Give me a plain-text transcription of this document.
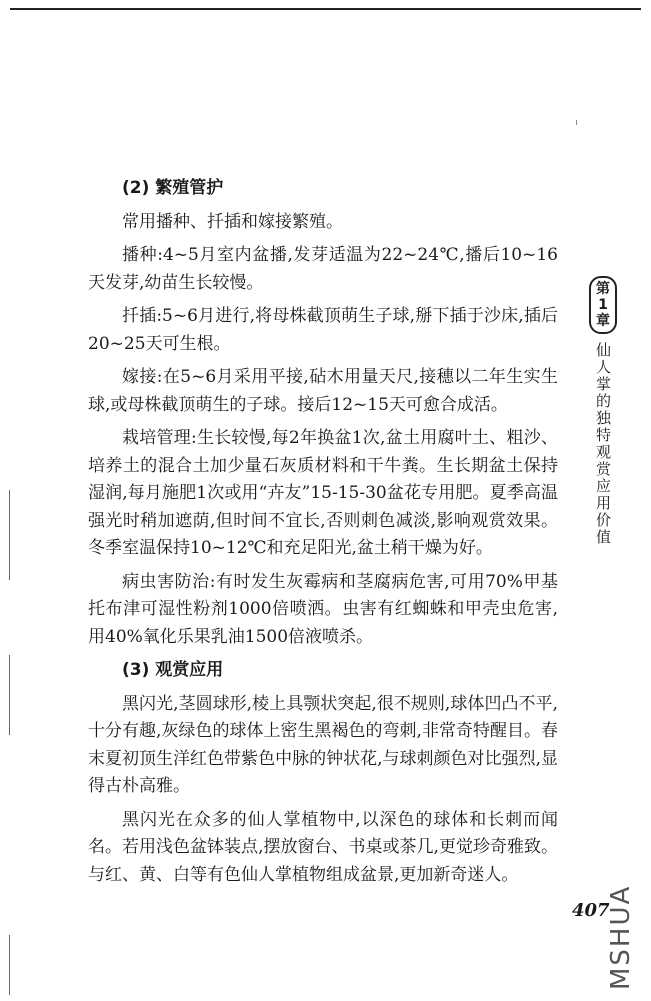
(2) 繁殖管护

常用播种、扦插和嫁接繁殖。

播种:4~5月室内盆播,发芽适温为22~24℃,播后10~16天发芽,幼苗生长较慢。

扦插:5~6月进行,将母株截顶萌生子球,掰下插于沙床,插后20~25天可生根。

嫁接:在5~6月采用平接,砧木用量天尺,接穗以二年生实生球,或母株截顶萌生的子球。接后12~15天可愈合成活。

栽培管理:生长较慢,每2年换盆1次,盆土用腐叶土、粗沙、培养土的混合土加少量石灰质材料和干牛粪。生长期盆土保持湿润,每月施肥1次或用“卉友”15-15-30盆花专用肥。夏季高温强光时稍加遮荫,但时间不宜长,否则刺色减淡,影响观赏效果。冬季室温保持10~12℃和充足阳光,盆土稍干燥为好。

病虫害防治:有时发生灰霉病和茎腐病危害,可用70%甲基托布津可湿性粉剂1000倍喷洒。虫害有红蜘蛛和甲壳虫危害,用40%氧化乐果乳油1500倍液喷杀。

(3) 观赏应用

黑闪光,茎圆球形,棱上具颚状突起,很不规则,球体凹凸不平,十分有趣,灰绿色的球体上密生黑褐色的弯刺,非常奇特醒目。春末夏初顶生洋红色带紫色中脉的钟状花,与球刺颜色对比强烈,显得古朴高雅。

黑闪光在众多的仙人掌植物中,以深色的球体和长刺而闻名。若用浅色盆钵装点,摆放窗台、书桌或茶几,更觉珍奇雅致。与红、黄、白等有色仙人掌植物组成盆景,更加新奇迷人。

第
1
章
仙人掌的独特观赏应用价值
407
MSHUA
